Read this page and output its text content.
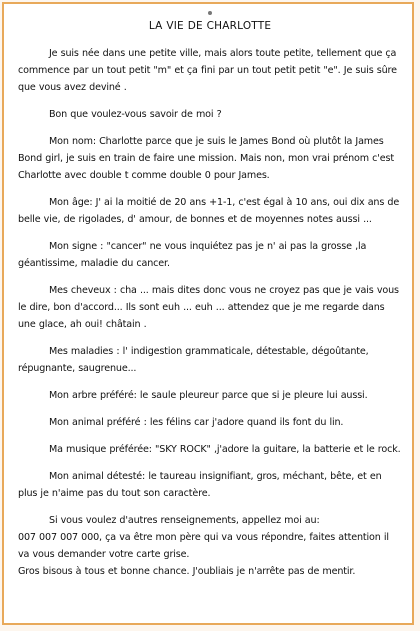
LA VIE DE CHARLOTTE

Je suis née dans une petite ville, mais alors toute petite, tellement que ça commence par un tout petit "m" et ça fini par un tout petit petit "e". Je suis sûre que vous avez deviné .

Bon que voulez-vous savoir de moi ?

Mon nom: Charlotte parce que je suis le James Bond où plutôt la James Bond girl, je suis en train de faire une mission. Mais non, mon vrai prénom c'est Charlotte avec double t comme double 0 pour James.

Mon âge: J' ai la moitié de 20 ans +1-1, c'est égal à 10 ans, oui dix ans de belle vie, de rigolades, d' amour, de bonnes et de moyennes notes aussi ...

Mon signe : "cancer" ne vous inquiétez pas je n' ai pas la grosse ,la géantissime, maladie du cancer.

Mes cheveux : cha ... mais dites donc vous ne croyez pas que je vais vous le dire, bon d'accord... Ils sont euh ... euh ... attendez que je me regarde dans une glace, ah oui! châtain .

Mes maladies : l' indigestion grammaticale, détestable, dégoûtante, répugnante, saugrenue...

Mon arbre préféré: le saule pleureur parce que si je pleure lui aussi.

Mon animal préféré : les félins car j'adore quand ils font du lin.

Ma musique préférée: "SKY ROCK" ,j'adore la guitare, la batterie et le rock.

Mon animal détesté: le taureau insignifiant, gros, méchant, bête, et en plus je n'aime pas du tout son caractère.

Si vous voulez d'autres renseignements, appellez moi au:

007 007 007 000, ça va être mon père qui va vous répondre, faites attention il va vous demander votre carte grise.

Gros bisous à tous et bonne chance. J'oubliais je n'arrête pas de mentir.
